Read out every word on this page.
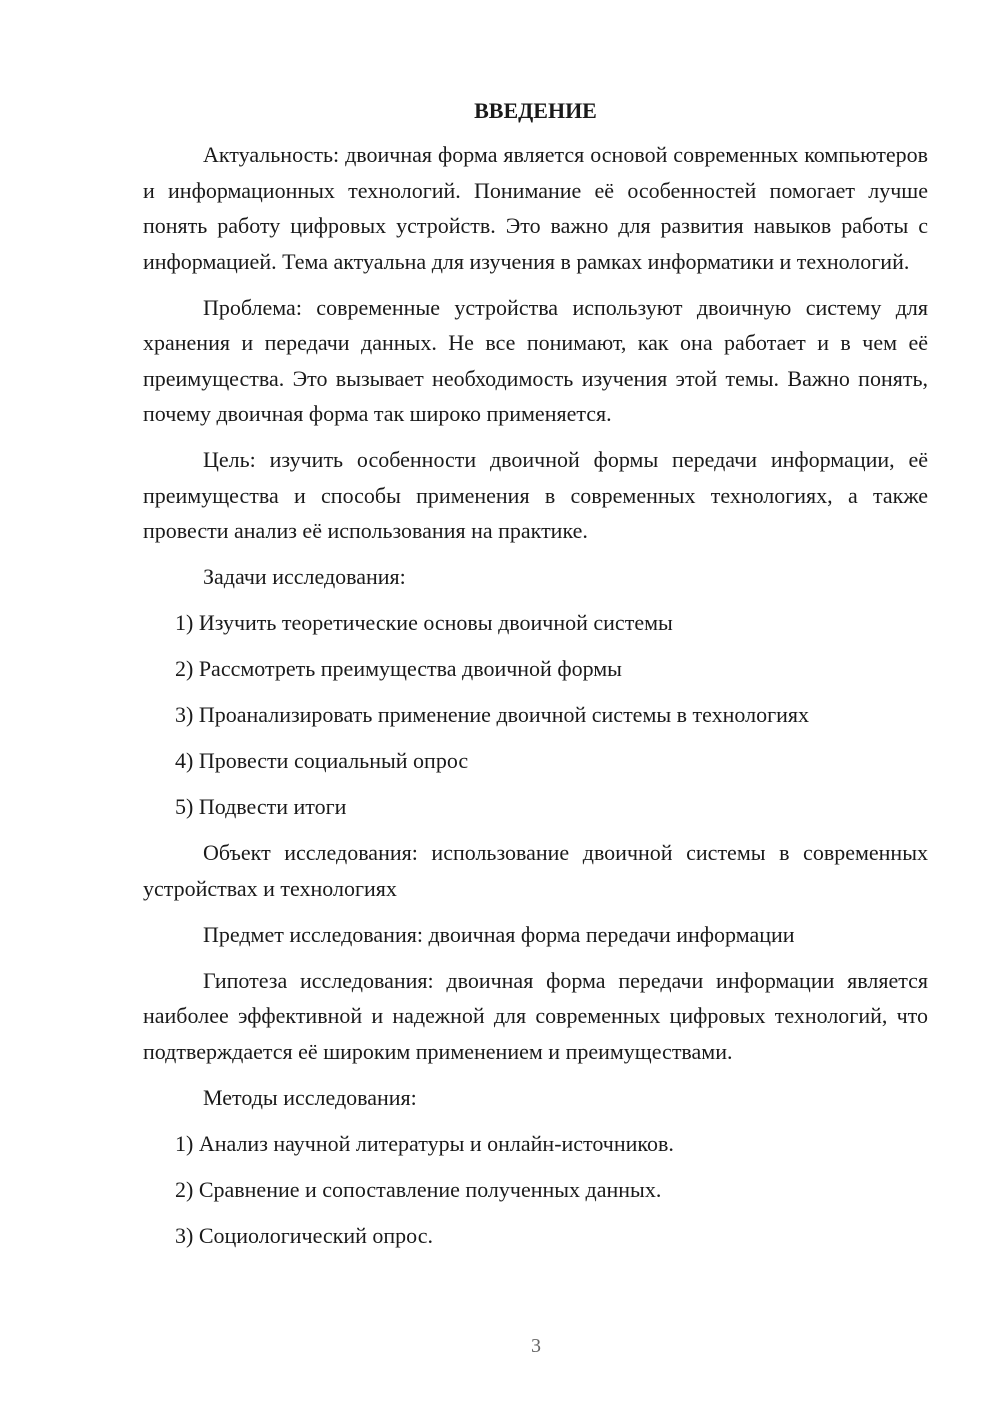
ВВЕДЕНИЕ

Актуальность: двоичная форма является основой современных компьютеров и информационных технологий. Понимание её особенностей помогает лучше понять работу цифровых устройств. Это важно для развития навыков работы с информацией. Тема актуальна для изучения в рамках информатики и технологий.

Проблема: современные устройства используют двоичную систему для хранения и передачи данных. Не все понимают, как она работает и в чем её преимущества. Это вызывает необходимость изучения этой темы. Важно понять, почему двоичная форма так широко применяется.

Цель: изучить особенности двоичной формы передачи информации, её преимущества и способы применения в современных технологиях, а также провести анализ её использования на практике.

Задачи исследования:

1) Изучить теоретические основы двоичной системы
2) Рассмотреть преимущества двоичной формы
3) Проанализировать применение двоичной системы в технологиях
4) Провести социальный опрос
5) Подвести итоги

Объект исследования: использование двоичной системы в современных устройствах и технологиях

Предмет исследования: двоичная форма передачи информации

Гипотеза исследования: двоичная форма передачи информации является наиболее эффективной и надежной для современных цифровых технологий, что подтверждается её широким применением и преимуществами.

Методы исследования:

1) Анализ научной литературы и онлайн-источников.
2) Сравнение и сопоставление полученных данных.
3) Социологический опрос.
3
